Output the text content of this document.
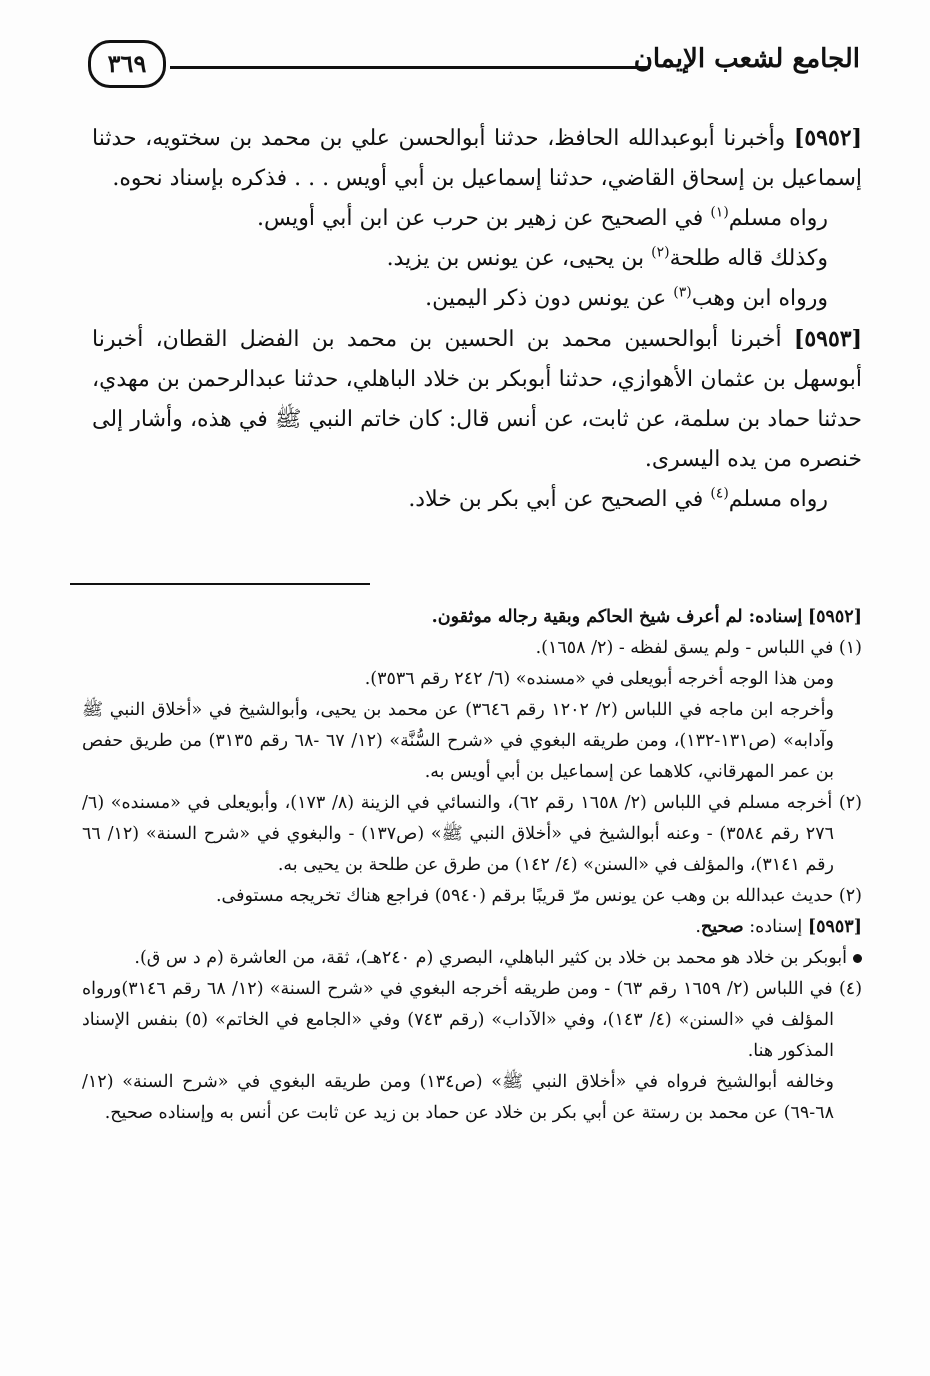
الجامع لشعب الإيمان
٣٦٩

[٥٩٥٢] وأخبرنا أبوعبدالله الحافظ، حدثنا أبوالحسن علي بن محمد بن سختويه، حدثنا إسماعيل بن إسحاق القاضي، حدثنا إسماعيل بن أبي أويس . . . فذكره بإسناد نحوه.

رواه مسلم$^{(١)}$ في الصحيح عن زهير بن حرب عن ابن أبي أويس.

وكذلك قاله طلحة$^{(٢)}$ بن يحيى، عن يونس بن يزيد.

ورواه ابن وهب$^{(٣)}$ عن يونس دون ذكر اليمين.

[٥٩٥٣] أخبرنا أبوالحسين محمد بن الحسين بن محمد بن الفضل القطان، أخبرنا أبوسهل بن عثمان الأهوازي، حدثنا أبوبكر بن خلاد الباهلي، حدثنا عبدالرحمن بن مهدي، حدثنا حماد بن سلمة، عن ثابت، عن أنس قال: كان خاتم النبي ﷺ في هذه، وأشار إلى خنصره من يده اليسرى.

رواه مسلم$^{(٤)}$ في الصحيح عن أبي بكر بن خلاد.

[٥٩٥٢] إسناده: لم أعرف شيخ الحاكم وبقية رجاله موثقون.

(١) في اللباس - ولم يسق لفظه - (٢/ ١٦٥٨).

ومن هذا الوجه أخرجه أبويعلى في «مسنده» (٦/ ٢٤٢ رقم ٣٥٣٦).

وأخرجه ابن ماجه في اللباس (٢/ ١٢٠٢ رقم ٣٦٤٦) عن محمد بن يحيى، وأبوالشيخ في «أخلاق النبي ﷺ وآدابه» (ص١٣١-١٣٢)، ومن طريقه البغوي في «شرح السُّنَّة» (١٢/ ٦٧ -٦٨ رقم ٣١٣٥) من طريق حفص بن عمر المهرقاني، كلاهما عن إسماعيل بن أبي أويس به.

(٢) أخرجه مسلم في اللباس (٢/ ١٦٥٨ رقم ٦٢)، والنسائي في الزينة (٨/ ١٧٣)، وأبويعلى في «مسنده» (٦/ ٢٧٦ رقم ٣٥٨٤) - وعنه أبوالشيخ في «أخلاق النبي ﷺ» (ص١٣٧) - والبغوي في «شرح السنة» (١٢/ ٦٦ رقم ٣١٤١)، والمؤلف في «السنن» (٤/ ١٤٢) من طرق عن طلحة بن يحيى به.

(٢) حديث عبدالله بن وهب عن يونس مرّ قريبًا برقم (٥٩٤٠) فراجع هناك تخريجه مستوفى.

[٥٩٥٣] إسناده: صحيح.

أبوبكر بن خلاد هو محمد بن خلاد بن كثير الباهلي، البصري (م ٢٤٠هـ)، ثقة، من العاشرة (م د س ق).

(٤) في اللباس (٢/ ١٦٥٩ رقم ٦٣) - ومن طريقه أخرجه البغوي في «شرح السنة» (١٢/ ٦٨ رقم ٣١٤٦)ورواه المؤلف في «السنن» (٤/ ١٤٣)، وفي «الآداب» (رقم ٧٤٣) وفي «الجامع في الخاتم» (٥) بنفس الإسناد المذكور هنا.

وخالفه أبوالشيخ فرواه في «أخلاق النبي ﷺ» (ص١٣٤) ومن طريقه البغوي في «شرح السنة» (١٢/ ٦٨-٦٩) عن محمد بن رستة عن أبي بكر بن خلاد عن حماد بن زيد عن ثابت عن أنس به وإسناده صحيح.
